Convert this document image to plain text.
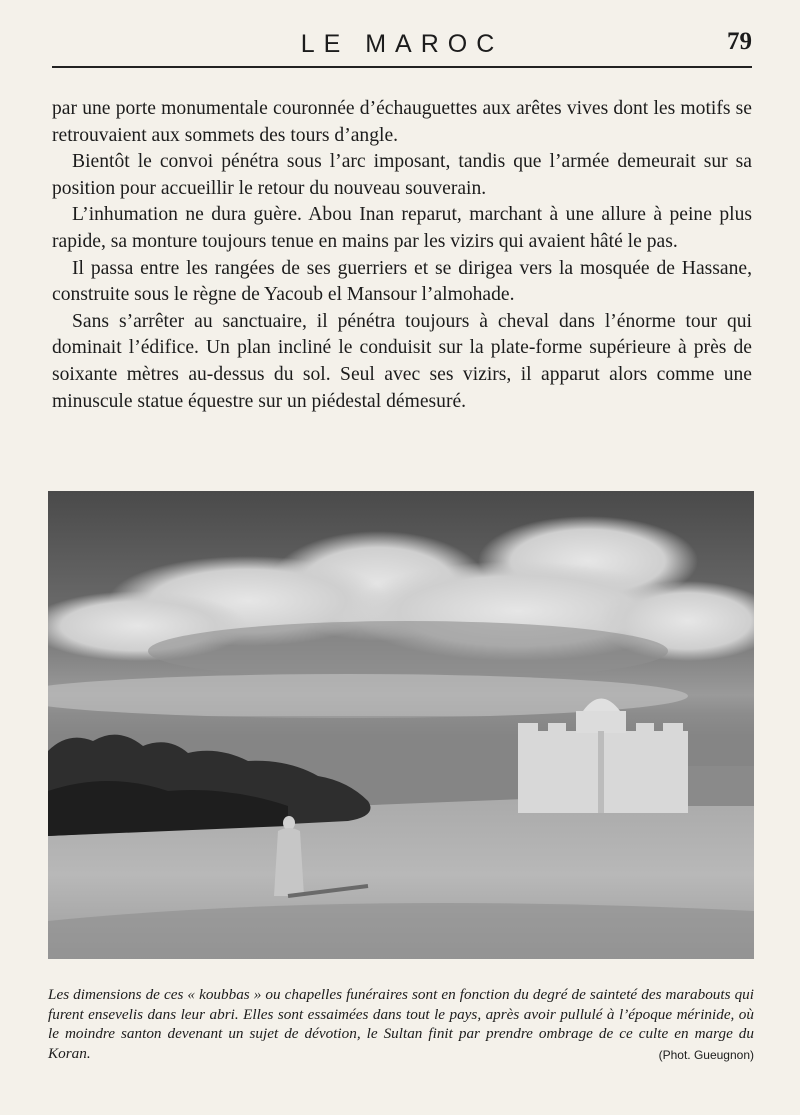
LE MAROC	79

par une porte monumentale couronnée d’échauguettes aux arêtes vives dont les motifs se retrouvaient aux sommets des tours d’angle.

Bientôt le convoi pénétra sous l’arc imposant, tandis que l’armée demeurait sur sa position pour accueillir le retour du nouveau souverain.

L’inhumation ne dura guère. Abou Inan reparut, marchant à une allure à peine plus rapide, sa monture toujours tenue en mains par les vizirs qui avaient hâté le pas.

Il passa entre les rangées de ses guerriers et se dirigea vers la mosquée de Hassane, construite sous le règne de Yacoub el Mansour l’almohade.

Sans s’arrêter au sanctuaire, il pénétra toujours à cheval dans l’énorme tour qui dominait l’édifice. Un plan incliné le conduisit sur la plate-forme supérieure à près de soixante mètres au-dessus du sol. Seul avec ses vizirs, il apparut alors comme une minuscule statue équestre sur un piédestal démesuré.

Les dimensions de ces « koubbas » ou chapelles funéraires sont en fonction du degré de sainteté des marabouts qui furent ensevelis dans leur abri. Elles sont essaimées dans tout le pays, après avoir pullulé à l’époque mérinide, où le moindre santon devenant un sujet de dévotion, le Sultan finit par prendre ombrage de ce culte en marge du Koran.	(Phot. Gueugnon)
